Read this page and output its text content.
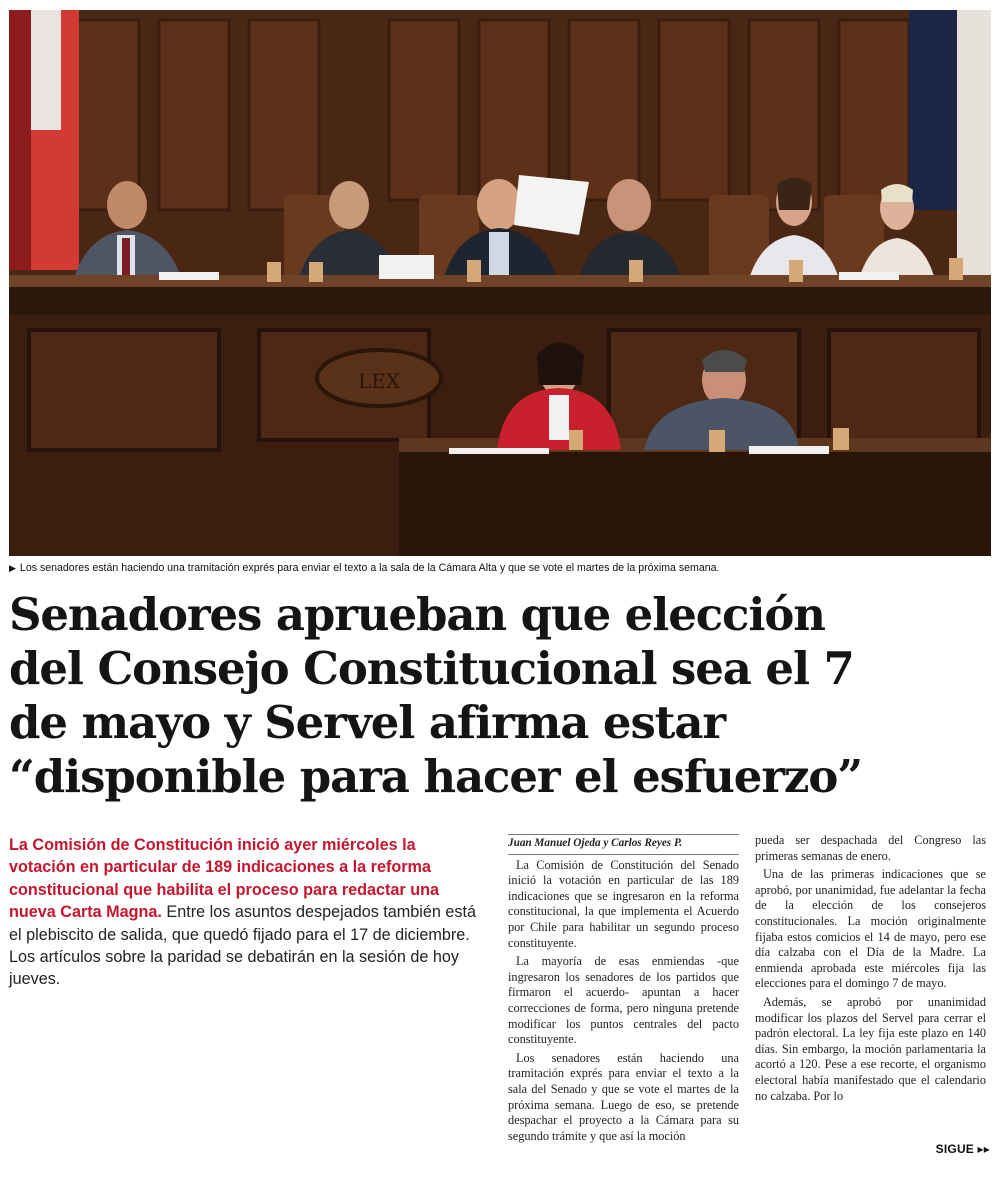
LEX
▶ Los senadores están haciendo una tramitación exprés para enviar el texto a la sala de la Cámara Alta y que se vote el martes de la próxima semana.
Senadores aprueban que elección del Consejo Constitucional sea el 7 de mayo y Servel afirma estar “disponible para hacer el esfuerzo”
La Comisión de Constitución inició ayer miércoles la votación en particular de 189 indicaciones a la reforma constitucional que habilita el proceso para redactar una nueva Carta Magna. Entre los asuntos despejados también está el plebiscito de salida, que quedó fijado para el 17 de diciembre. Los artículos sobre la paridad se debatirán en la sesión de hoy jueves.

Juan Manuel Ojeda y Carlos Reyes P.

La Comisión de Constitución del Senado inició la votación en particular de las 189 indicaciones que se ingresaron en la reforma constitucional, la que implementa el Acuerdo por Chile para habilitar un segundo proceso constituyente.

La mayoría de esas enmiendas -que ingresaron los senadores de los partidos que firmaron el acuerdo- apuntan a hacer correcciones de forma, pero ninguna pretende modificar los puntos centrales del pacto constituyente.

Los senadores están haciendo una tramitación exprés para enviar el texto a la sala del Senado y que se vote el martes de la próxima semana. Luego de eso, se pretende despachar el proyecto a la Cámara para su segundo trámite y que así la moción

pueda ser despachada del Congreso las primeras semanas de enero.

Una de las primeras indicaciones que se aprobó, por unanimidad, fue adelantar la fecha de la elección de los consejeros constitucionales. La moción originalmente fijaba estos comicios el 14 de mayo, pero ese día calzaba con el Día de la Madre. La enmienda aprobada este miércoles fija las elecciones para el domingo 7 de mayo.

Además, se aprobó por unanimidad modificar los plazos del Servel para cerrar el padrón electoral. La ley fija este plazo en 140 días. Sin embargo, la moción parlamentaria la acortó a 120. Pese a ese recorte, el organismo electoral había manifestado que el calendario no calzaba. Por lo

SIGUE ▸▸
